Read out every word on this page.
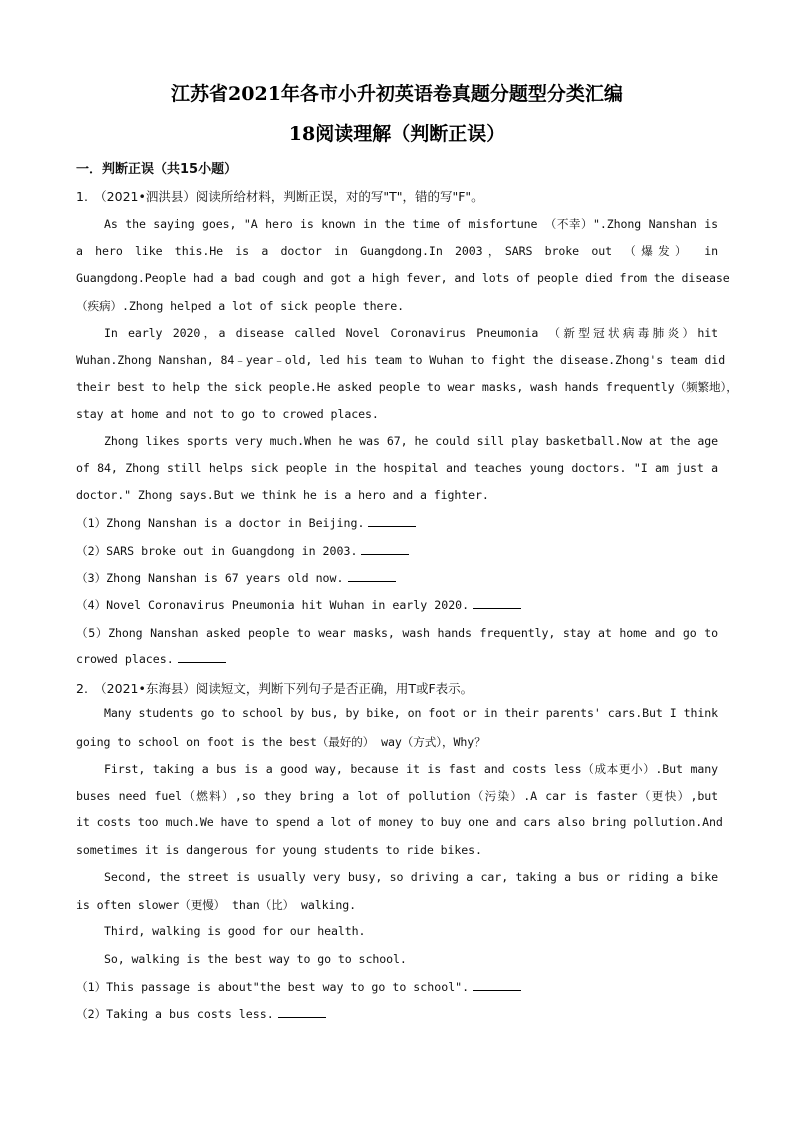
江苏省2021年各市小升初英语卷真题分题型分类汇编
18阅读理解（判断正误）
一．判断正误（共15小题）
1.　（2021•泗洪县）阅读所给材料，判断正误，对的写"T"，错的写"F"。
As the saying goes, "A hero is known in the time of misfortune （不幸）".Zhong Nanshan is
a hero like this.He is a doctor in Guangdong.In 2003，SARS broke out （爆发） in
Guangdong.People had a bad cough and got a high fever, and lots of people died from the disease
（疾病）.Zhong helped a lot of sick people there.
In early 2020，a disease called Novel Coronavirus Pneumonia （新型冠状病毒肺炎）hit
Wuhan.Zhong Nanshan, 84﹣year﹣old, led his team to Wuhan to fight the disease.Zhong's team did
their best to help the sick people.He asked people to wear masks, wash hands frequently（频繁地），
stay at home and not to go to crowed places.
Zhong likes sports very much.When he was 67, he could sill play basketball.Now at the age
of 84, Zhong still helps sick people in the hospital and teaches young doctors. "I am just a
doctor." Zhong says.But we think he is a hero and a fighter.
（1）Zhong Nanshan is a doctor in Beijing.
（2）SARS broke out in Guangdong in 2003.
（3）Zhong Nanshan is 67 years old now.
（4）Novel Coronavirus Pneumonia hit Wuhan in early 2020.
（5）Zhong Nanshan asked people to wear masks, wash hands frequently, stay at home and go to
crowed places.
2.　（2021•东海县）阅读短文，判断下列句子是否正确，用T或F表示。
Many students go to school by bus, by bike, on foot or in their parents' cars.But I think
going to school on foot is the best（最好的） way（方式），Why？
First, taking a bus is a good way, because it is fast and costs less（成本更小）.But many
buses need fuel（燃料）,so they bring a lot of pollution（污染）.A car is faster（更快）,but
it costs too much.We have to spend a lot of money to buy one and cars also bring pollution.And
sometimes it is dangerous for young students to ride bikes.
Second, the street is usually very busy, so driving a car, taking a bus or riding a bike
is often slower（更慢） than（比） walking.
Third, walking is good for our health.
So, walking is the best way to go to school.
（1）This passage is about"the best way to go to school".
（2）Taking a bus costs less.
